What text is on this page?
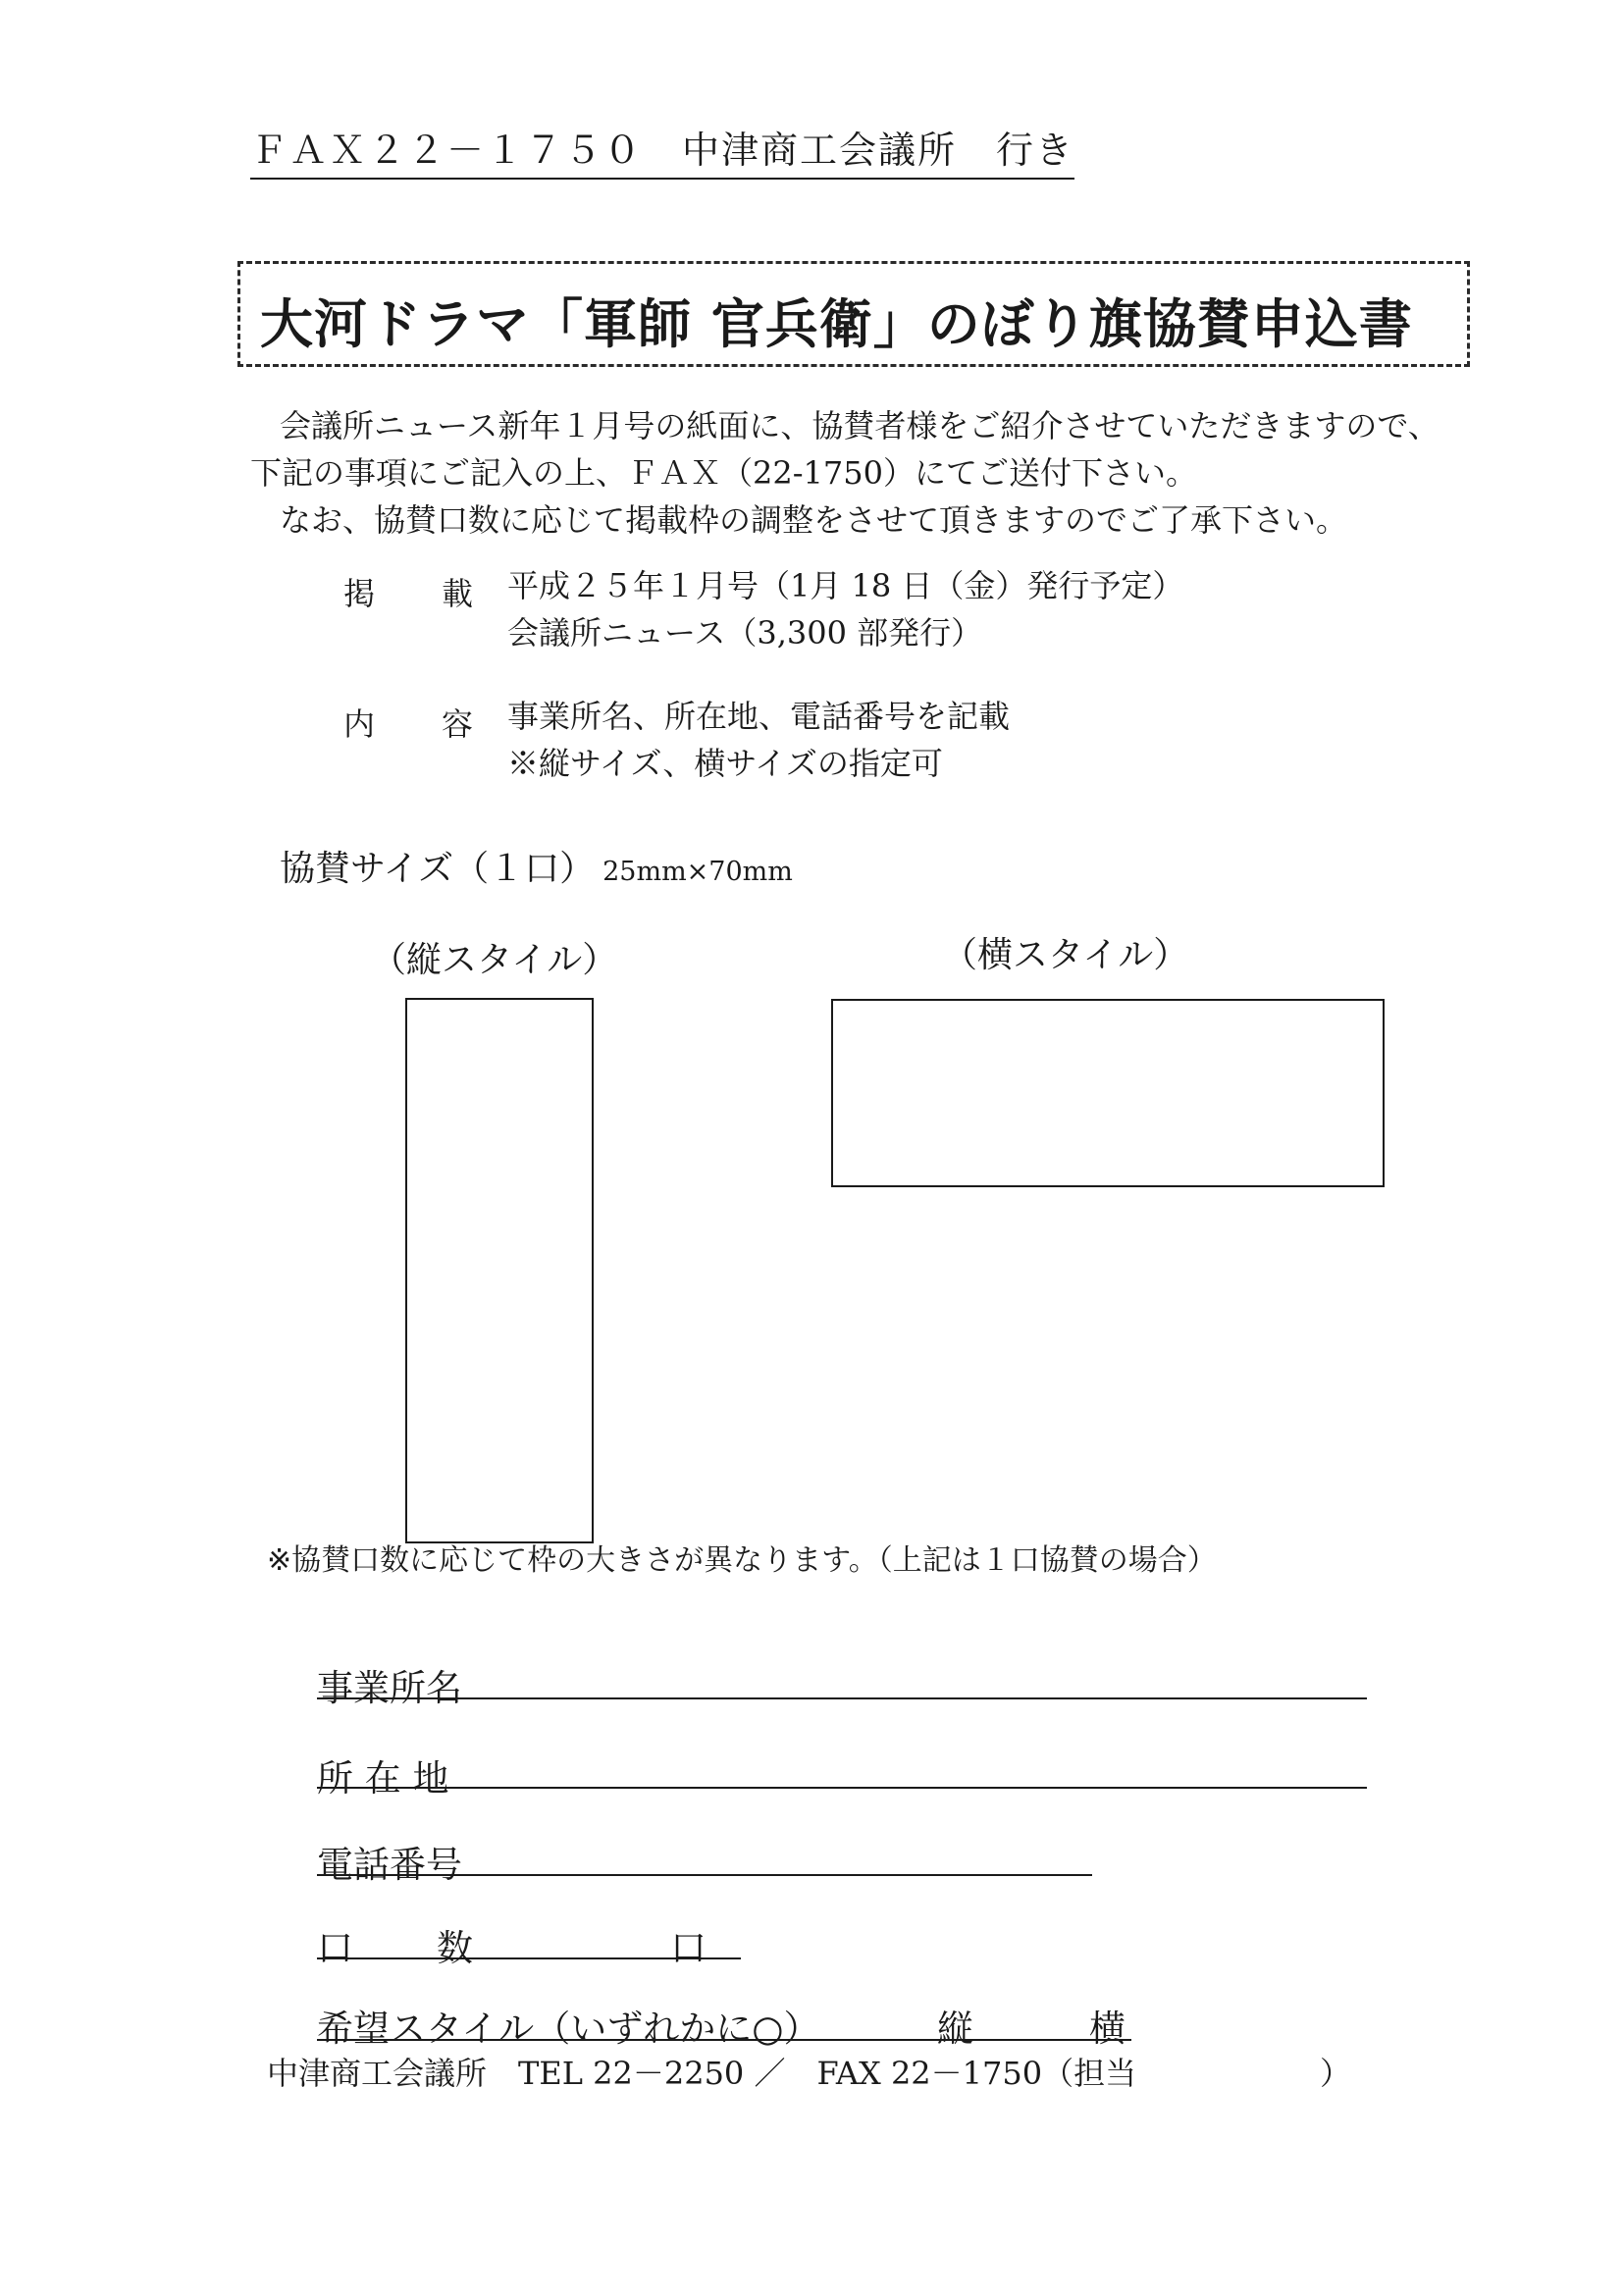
ＦＡＸ２２－１７５０　中津商工会議所　行き
大河ドラマ「軍師 官兵衛」のぼり旗協賛申込書
会議所ニュース新年１月号の紙面に、協賛者様をご紹介させていただきますので、
下記の事項にご記入の上、ＦＡＸ（22-1750）にてご送付下さい。
なお、協賛口数に応じて掲載枠の調整をさせて頂きますのでご了承下さい。
掲 載 平成２５年１月号（1月 18 日（金）発行予定）
会議所ニュース（3,300 部発行）
内 容 事業所名、所在地、電話番号を記載
※縦サイズ、横サイズの指定可
協賛サイズ（１口） 25mm×70mm
（縦スタイル）	（横スタイル）
※協賛口数に応じて枠の大きさが異なります。（上記は１口協賛の場合）
事業所名
所 在 地
電話番号
口 数	口
希望スタイル（いずれかに○）	縦	横
中津商工会議所　TEL 22－2250 ／　FAX 22－1750（担当	）
